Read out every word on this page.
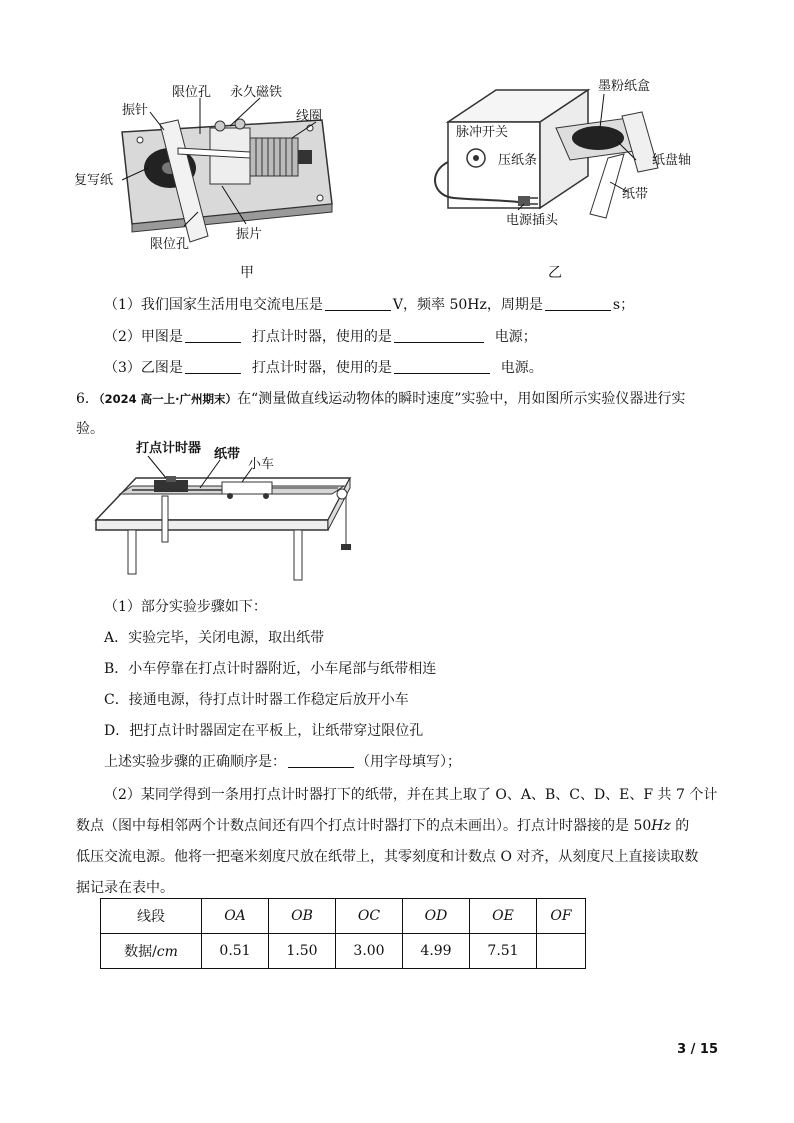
振针
限位孔 永久磁铁
线圈
复写纸
限位孔
振片
甲
墨粉纸盒
脉冲开关
压纸条	纸盘轴
纸带
电源插头
乙
（1）我们国家生活用电交流电压是	V，频率 50Hz，周期是	s；
（2）甲图是	打点计时器，使用的是	电源；
（3）乙图是	打点计时器，使用的是	电源。
6．（2024 高一上·广州期末）在“测量做直线运动物体的瞬时速度”实验中，用如图所示实验仪器进行实
验。
打点计时器 纸带
小车
（1）部分实验步骤如下：
A．实验完毕，关闭电源，取出纸带
B．小车停靠在打点计时器附近，小车尾部与纸带相连
C．接通电源，待打点计时器工作稳定后放开小车
D．把打点计时器固定在平板上，让纸带穿过限位孔
上述实验步骤的正确顺序是：	（用字母填写）；
（2）某同学得到一条用打点计时器打下的纸带，并在其上取了 O、A、B、C、D、E、F 共 7 个计
数点（图中每相邻两个计数点间还有四个打点计时器打下的点未画出）。打点计时器接的是 50Hz 的
低压交流电源。他将一把毫米刻度尺放在纸带上，其零刻度和计数点 O 对齐，从刻度尺上直接读取数
据记录在表中。
线段	OA	OB	OC	OD	OE	OF
数据/cm	0.51	1.50	3.00	4.99	7.51	
3 / 15
